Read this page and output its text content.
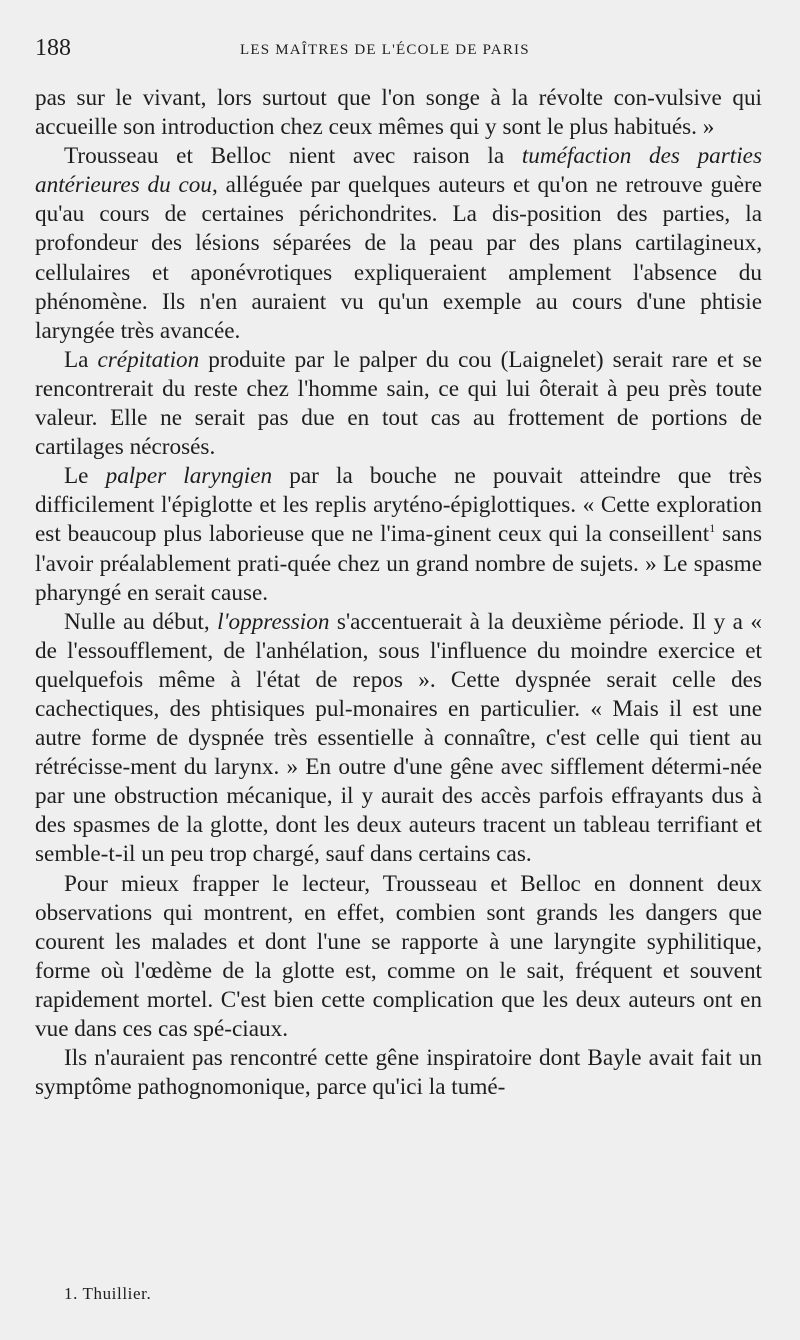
188	LES MAÎTRES DE L'ÉCOLE DE PARIS

pas sur le vivant, lors surtout que l'on songe à la révolte con-vulsive qui accueille son introduction chez ceux mêmes qui y sont le plus habitués. »

Trousseau et Belloc nient avec raison la tuméfaction des parties antérieures du cou, alléguée par quelques auteurs et qu'on ne retrouve guère qu'au cours de certaines périchondrites. La dis-position des parties, la profondeur des lésions séparées de la peau par des plans cartilagineux, cellulaires et aponévrotiques expliqueraient amplement l'absence du phénomène. Ils n'en auraient vu qu'un exemple au cours d'une phtisie laryngée très avancée.

La crépitation produite par le palper du cou (Laignelet) serait rare et se rencontrerait du reste chez l'homme sain, ce qui lui ôterait à peu près toute valeur. Elle ne serait pas due en tout cas au frottement de portions de cartilages nécrosés.

Le palper laryngien par la bouche ne pouvait atteindre que très difficilement l'épiglotte et les replis aryténo-épiglottiques. « Cette exploration est beaucoup plus laborieuse que ne l'ima-ginent ceux qui la conseillent$^1$ sans l'avoir préalablement prati-quée chez un grand nombre de sujets. » Le spasme pharyngé en serait cause.

Nulle au début, l'oppression s'accentuerait à la deuxième période. Il y a « de l'essoufflement, de l'anhélation, sous l'influence du moindre exercice et quelquefois même à l'état de repos ». Cette dyspnée serait celle des cachectiques, des phtisiques pul-monaires en particulier. « Mais il est une autre forme de dyspnée très essentielle à connaître, c'est celle qui tient au rétrécisse-ment du larynx. » En outre d'une gêne avec sifflement détermi-née par une obstruction mécanique, il y aurait des accès parfois effrayants dus à des spasmes de la glotte, dont les deux auteurs tracent un tableau terrifiant et semble-t-il un peu trop chargé, sauf dans certains cas.

Pour mieux frapper le lecteur, Trousseau et Belloc en donnent deux observations qui montrent, en effet, combien sont grands les dangers que courent les malades et dont l'une se rapporte à une laryngite syphilitique, forme où l'œdème de la glotte est, comme on le sait, fréquent et souvent rapidement mortel. C'est bien cette complication que les deux auteurs ont en vue dans ces cas spé-ciaux.

Ils n'auraient pas rencontré cette gêne inspiratoire dont Bayle avait fait un symptôme pathognomonique, parce qu'ici la tumé-

1. Thuillier.
